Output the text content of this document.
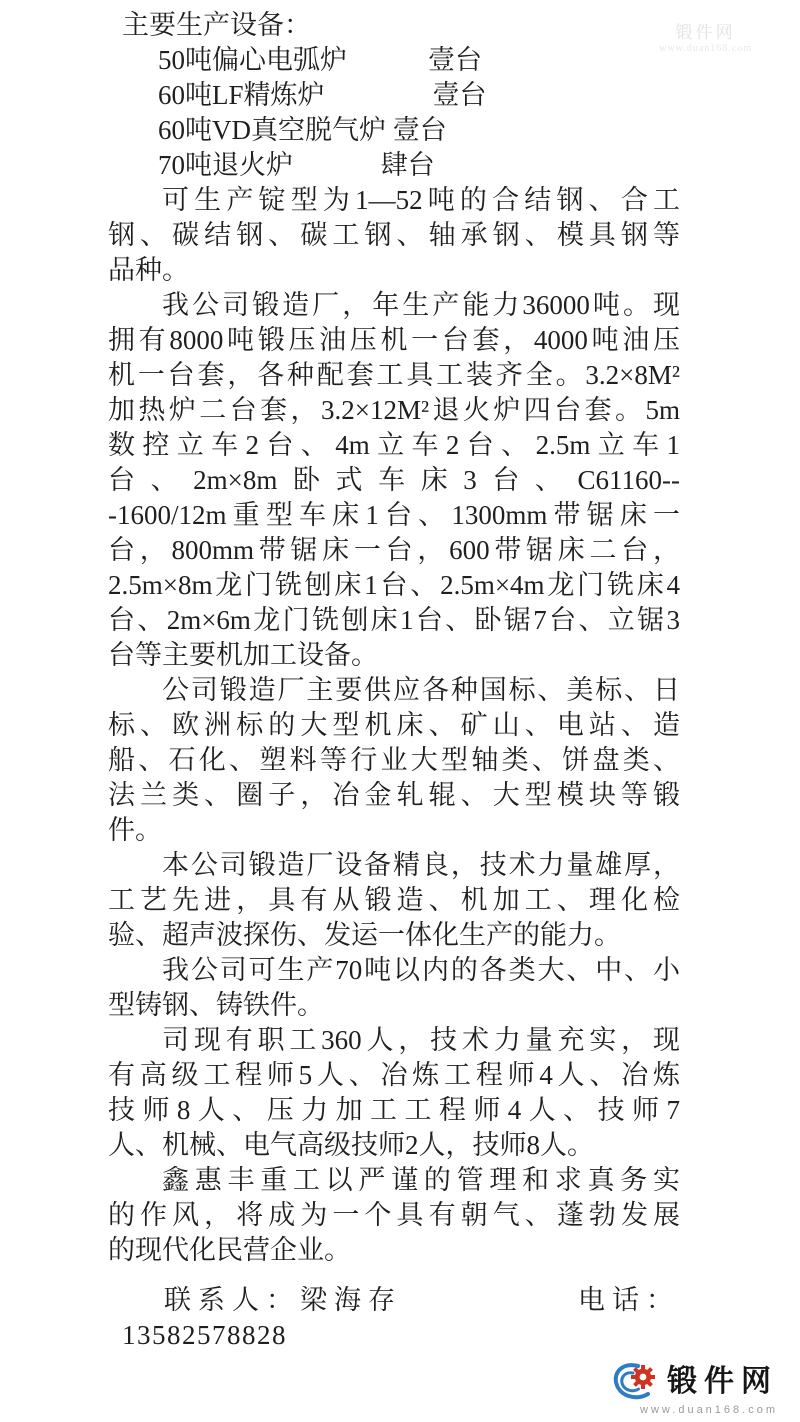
锻件网
www.duan168.com
主要生产设备：
50吨偏心电弧炉　　　壹台
60吨LF精炼炉　　　　壹台
60吨VD真空脱气炉 壹台
70吨退火炉　　　 肆台
可生产锭型为1—52吨的合结钢、合工
钢、碳结钢、碳工钢、轴承钢、模具钢等
品种。
我公司锻造厂，年生产能力36000吨。现
拥有8000吨锻压油压机一台套，4000吨油压
机一台套，各种配套工具工装齐全。3.2×8M²
加热炉二台套，3.2×12M²退火炉四台套。5m
数控立车2台、4m立车2台、2.5m立车1
台、2m×8m卧式车床3台、C61160--
-1600/12m重型车床1台、1300mm带锯床一
台，800mm带锯床一台，600带锯床二台，
2.5m×8m龙门铣刨床1台、2.5m×4m龙门铣床4
台、2m×6m龙门铣刨床1台、卧锯7台、立锯3
台等主要机加工设备。
公司锻造厂主要供应各种国标、美标、日
标、欧洲标的大型机床、矿山、电站、造
船、石化、塑料等行业大型轴类、饼盘类、
法兰类、圈子，冶金轧辊、大型模块等锻
件。
本公司锻造厂设备精良，技术力量雄厚，
工艺先进，具有从锻造、机加工、理化检
验、超声波探伤、发运一体化生产的能力。
我公司可生产70吨以内的各类大、中、小
型铸钢、铸铁件。
司现有职工360人，技术力量充实，现
有高级工程师5人、冶炼工程师4人、冶炼
技师8人、压力加工工程师4人、技师7
人、机械、电气高级技师2人，技师8人。
鑫惠丰重工以严谨的管理和求真务实
的作风，将成为一个具有朝气、蓬勃发展
的现代化民营企业。
联系人：梁海存	电话：
13582578828
锻件网
www.duan168.com
